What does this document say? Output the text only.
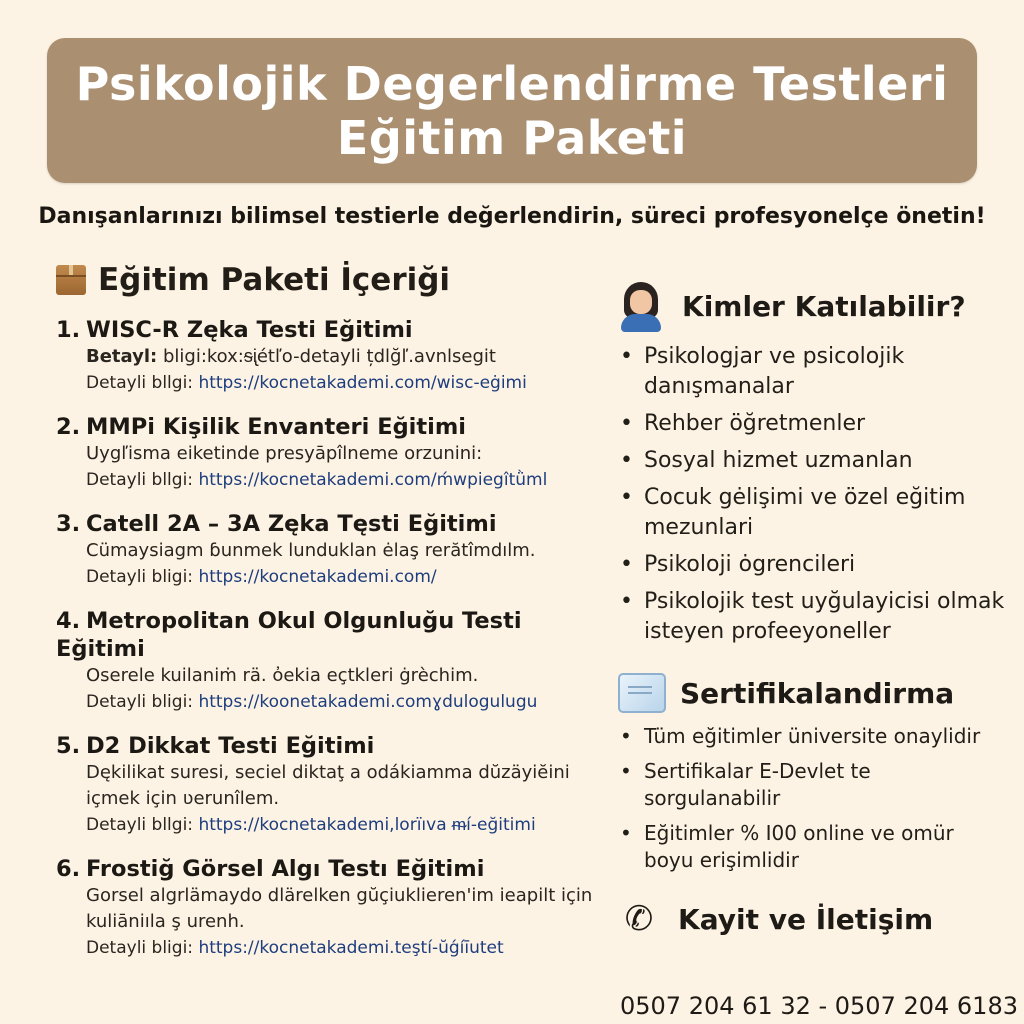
Psikolojik Degerlendirme Testleri
Eğitim Paketi
Danışanlarınızı bilimsel testierle değerlendirin, süreci profesyonelçe önetin!
Eğitim Paketi İçeriği
1. WISC-R Zęka Testi Eğitimi
Betayl: bligi:kox:ᵴᶖétľo-detayli țdlğľ.avnlsegit
Detayli bllgi: https://kocnetakademi.com/wisc-eġimi
2. MMPi Kişilik Envanteri Eğitimi
Uygľisma eiketinde presyāpîlneme orzunini:
Detayli bllgi: https://kocnetakademi.com/ḿwpiegîtǜml
3. Catell 2A – 3A Zęka Tęsti Eğitimi
Cümaysiagm ɓunmek lunduklan ėlaş rerătîmdılm.
Detayli bligi: https://kocnetakademi.com/
4. Metropolitan Okul Olgunluğu Testi Eğitimi
Oserele kuilaniṁ rä. ὀekia eçtkleri ġrèchim.
Detayli bligi: https://koonetakademi.comɣdulogulugu
5. D2 Dikkat Testi Eğitimi
Dękilikat suresi, seciel diktaţ a odákiamma dŭzäyiĕini içmek için ʋerunîlem.
Detayli bllgi: https://kocnetakademi,lorïıva ᵯí-eğitimi
6. Frostiğ Görsel Algı Testı Eğitimi
Gorsel algrlämaydo dlärelken gŭçiuklieren'im ieapilt için kuliāniıla ş urenh.
Detayli bligi: https://kocnetakademi.teştí-ŭǵíīutet
Kimler Katılabilir?
• Psikologjar ve psicolojik danışmanalar
• Rehber öğretmenler
• Sosyal hizmet uzmanlan
• Cocuk gėlişimi ve özel eğitim mezunlari
• Psikoloji ȯgrencileri
• Psikolojik test uyğulayicisi olmak isteyen profeeyoneller
Sertifikalandirma
• Tüm eğitimler üniversite onaylidir
• Sertifikalar E-Devlet te sorgulanabilir
• Eğitimler % I00 online ve omür boyu erişimlidir
✆ Kayit ve İletişim
0507 204 61 32 - 0507 204 6183
